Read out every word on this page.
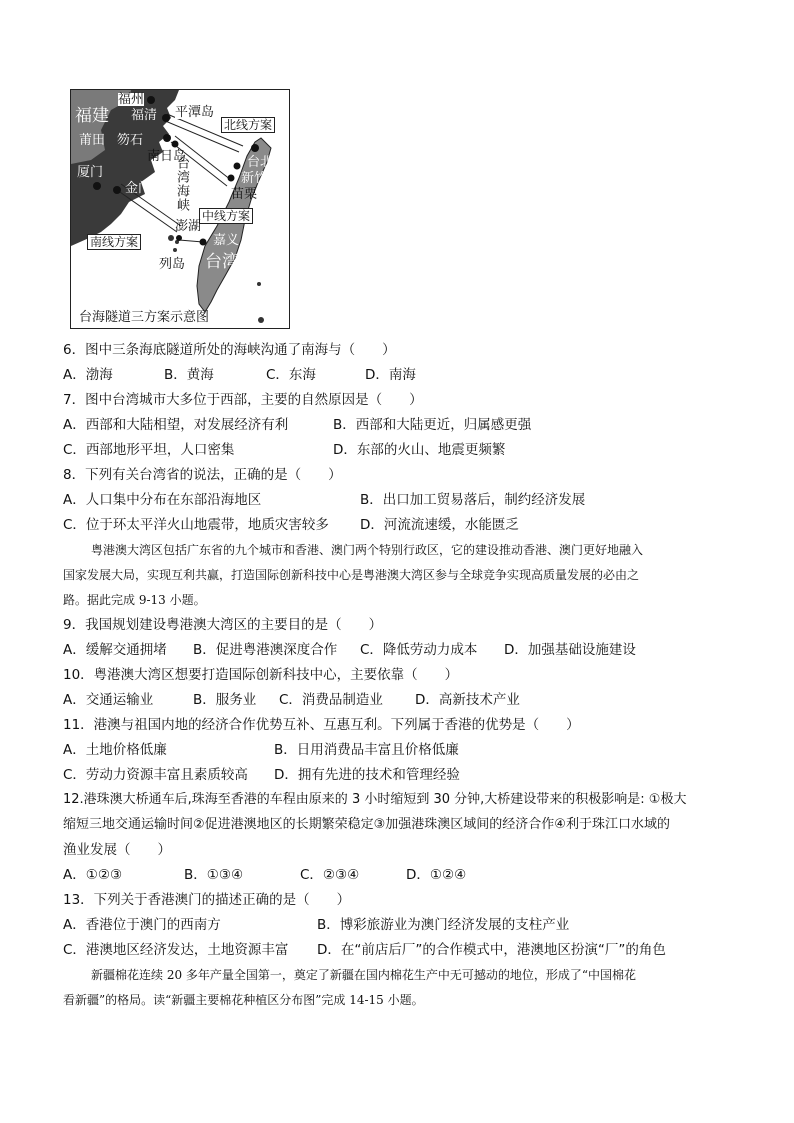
福州
福建 福清 平潭岛
莆田 笏石
南日岛
台湾海峡
北线方案
台北
新竹
苗栗
厦门
金门
中线方案
澎湖
南线方案
列岛
嘉义
台湾
台海隧道三方案示意图
6．图中三条海底隧道所处的海峡沟通了南海与（　　）
A．渤海	B．黄海	C．东海	D．南海
7．图中台湾城市大多位于西部，主要的自然原因是（　　）
A．西部和大陆相望，对发展经济有利	B．西部和大陆更近，归属感更强
C．西部地形平坦，人口密集	D．东部的火山、地震更频繁
8．下列有关台湾省的说法，正确的是（　　）
A．人口集中分布在东部沿海地区	B．出口加工贸易落后，制约经济发展
C．位于环太平洋火山地震带，地质灾害较多 D．河流流速缓，水能匮乏
粤港澳大湾区包括广东省的九个城市和香港、澳门两个特别行政区，它的建设推动香港、澳门更好地融入
国家发展大局，实现互利共赢，打造国际创新科技中心是粤港澳大湾区参与全球竞争实现高质量发展的必由之
路。据此完成 9-13 小题。
9．我国规划建设粤港澳大湾区的主要目的是（　　）
A．缓解交通拥堵 B．促进粤港澳深度合作 C．降低劳动力成本 D．加强基础设施建设
10．粤港澳大湾区想要打造国际创新科技中心，主要依靠（　　）
A．交通运输业	B．服务业 C．消费品制造业 D．高新技术产业
11．港澳与祖国内地的经济合作优势互补、互惠互利。下列属于香港的优势是（　　）
A．土地价格低廉	B．日用消费品丰富且价格低廉
C．劳动力资源丰富且素质较高 D．拥有先进的技术和管理经验
12.港珠澳大桥通车后,珠海至香港的车程由原来的 3 小时缩短到 30 分钟,大桥建设带来的积极影响是: ①极大
缩短三地交通运输时间②促进港澳地区的长期繁荣稳定③加强港珠澳区域间的经济合作④利于珠江口水域的
渔业发展（　　）
A．①②③	B．①③④	C．②③④	D．①②④
13．下列关于香港澳门的描述正确的是（　　）
A．香港位于澳门的西南方	B．博彩旅游业为澳门经济发展的支柱产业
C．港澳地区经济发达，土地资源丰富 D．在“前店后厂”的合作模式中，港澳地区扮演“厂”的角色
新疆棉花连续 20 多年产量全国第一，奠定了新疆在国内棉花生产中无可撼动的地位，形成了“中国棉花
看新疆”的格局。读“新疆主要棉花种植区分布图”完成 14-15 小题。
